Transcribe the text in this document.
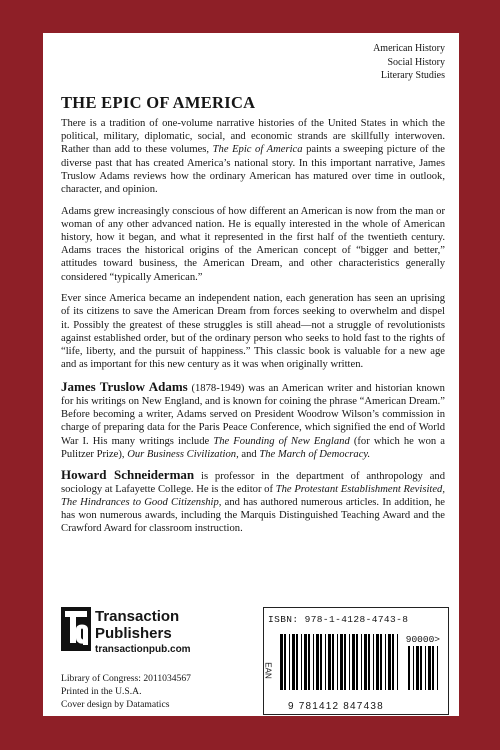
American History
Social History
Literary Studies
THE EPIC OF AMERICA

There is a tradition of one-volume narrative histories of the United States in which the political, military, diplomatic, social, and economic strands are skillfully interwoven. Rather than add to these volumes, The Epic of America paints a sweeping picture of the diverse past that has created America’s national story. In this important narrative, James Truslow Adams reviews how the ordinary American has matured over time in outlook, character, and opinion.

Adams grew increasingly conscious of how different an American is now from the man or woman of any other advanced nation. He is equally interested in the whole of American history, how it began, and what it represented in the first half of the twentieth century. Adams traces the historical origins of the American concept of “bigger and better,” attitudes toward business, the American Dream, and other characteristics generally considered “typically American.”

Ever since America became an independent nation, each generation has seen an uprising of its citizens to save the American Dream from forces seeking to overwhelm and dispel it. Possibly the greatest of these struggles is still ahead—not a struggle of revolutionists against established order, but of the ordinary person who seeks to hold fast to the rights of “life, liberty, and the pursuit of happiness.” This classic book is valuable for a new age and as important for this new century as it was when originally written.

James Truslow Adams (1878-1949) was an American writer and historian known for his writings on New England, and is known for coining the phrase “American Dream.” Before becoming a writer, Adams served on President Woodrow Wilson’s commission in charge of preparing data for the Paris Peace Conference, which signified the end of World War I. His many writings include The Founding of New England (for which he won a Pulitzer Prize), Our Business Civilization, and The March of Democracy.

Howard Schneiderman is professor in the department of anthropology and sociology at Lafayette College. He is the editor of The Protestant Establishment Revisited, The Hindrances to Good Citizenship, and has authored numerous articles. In addition, he has won numerous awards, including the Marquis Distinguished Teaching Award and the Crawford Award for classroom instruction.

Transaction
Publishers
transactionpub.com
Library of Congress: 2011034567
Printed in the U.S.A.
Cover design by Datamatics
ISBN: 978-1-4128-4743-8
90000>
EAN
9 781412 847438
